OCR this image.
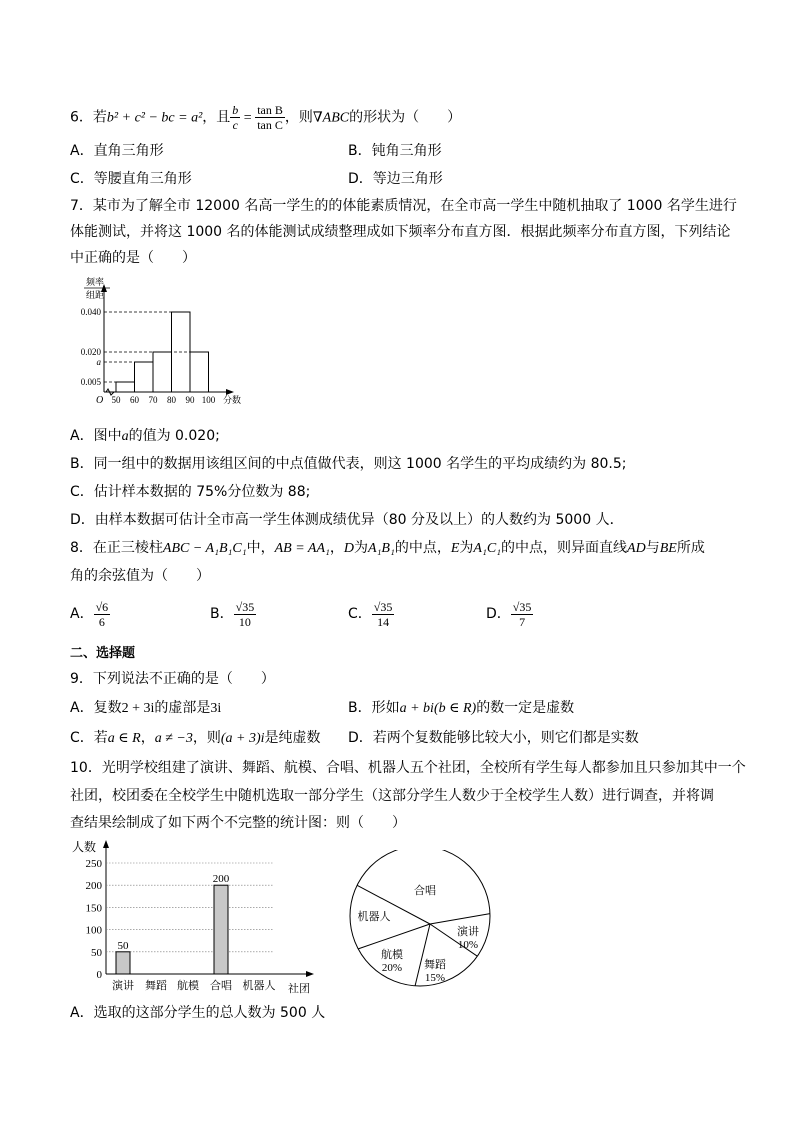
6．若b² + c² − bc = a²，且 $\frac{b}{c} = \frac{\text{tan B}}{\text{tan C}}$ ，则∇ABC的形状为（　　）
A．直角三角形	B．钝角三角形
C．等腰直角三角形	D．等边三角形
7．某市为了解全市 12000 名高一学生的的体能素质情况，在全市高一学生中随机抽取了 1000 名学生进行
体能测试，并将这 1000 名的体能测试成绩整理成如下频率分布直方图．根据此频率分布直方图，下列结论
中正确的是（　　）
频率
组距
0.005
a
0.020
0.040
50 60 70 80 90 100
O	分数
A．图中a的值为 0.020;
B．同一组中的数据用该组区间的中点值做代表，则这 1000 名学生的平均成绩约为 80.5;
C．估计样本数据的 75%分位数为 88;
D．由样本数据可估计全市高一学生体测成绩优异（80 分及以上）的人数约为 5000 人．
8．在正三棱柱ABC − A₁B₁C₁中，AB = AA₁，D为A₁B₁的中点，E为A₁C₁的中点，则异面直线AD与BE所成
角的余弦值为（　　）
A． $\frac{√6}{6}$	B． $\frac{√35}{10}$	C． $\frac{√35}{14}$	D． $\frac{√35}{7}$
二、选择题
9．下列说法不正确的是（　　）
A．复数2 + 3i的虚部是3i	B．形如a + bi(b ∈ R)的数一定是虚数
C．若a ∈ R，a ≠ −3，则(a + 3)i是纯虚数 D．若两个复数能够比较大小，则它们都是实数
10．光明学校组建了演讲、舞蹈、航模、合唱、机器人五个社团，全校所有学生每人都参加且只参加其中一个
社团，校团委在全校学生中随机选取一部分学生（这部分学生人数少于全校学生人数）进行调查，并将调
查结果绘制成了如下两个不完整的统计图：则（　　）
人数
0
50
100
150
200
250
演讲
50
舞蹈 航模 合唱
200
机器人 社团
合唱
演讲
10%
舞蹈
15%
航模
20%
机器人
A．选取的这部分学生的总人数为 500 人
